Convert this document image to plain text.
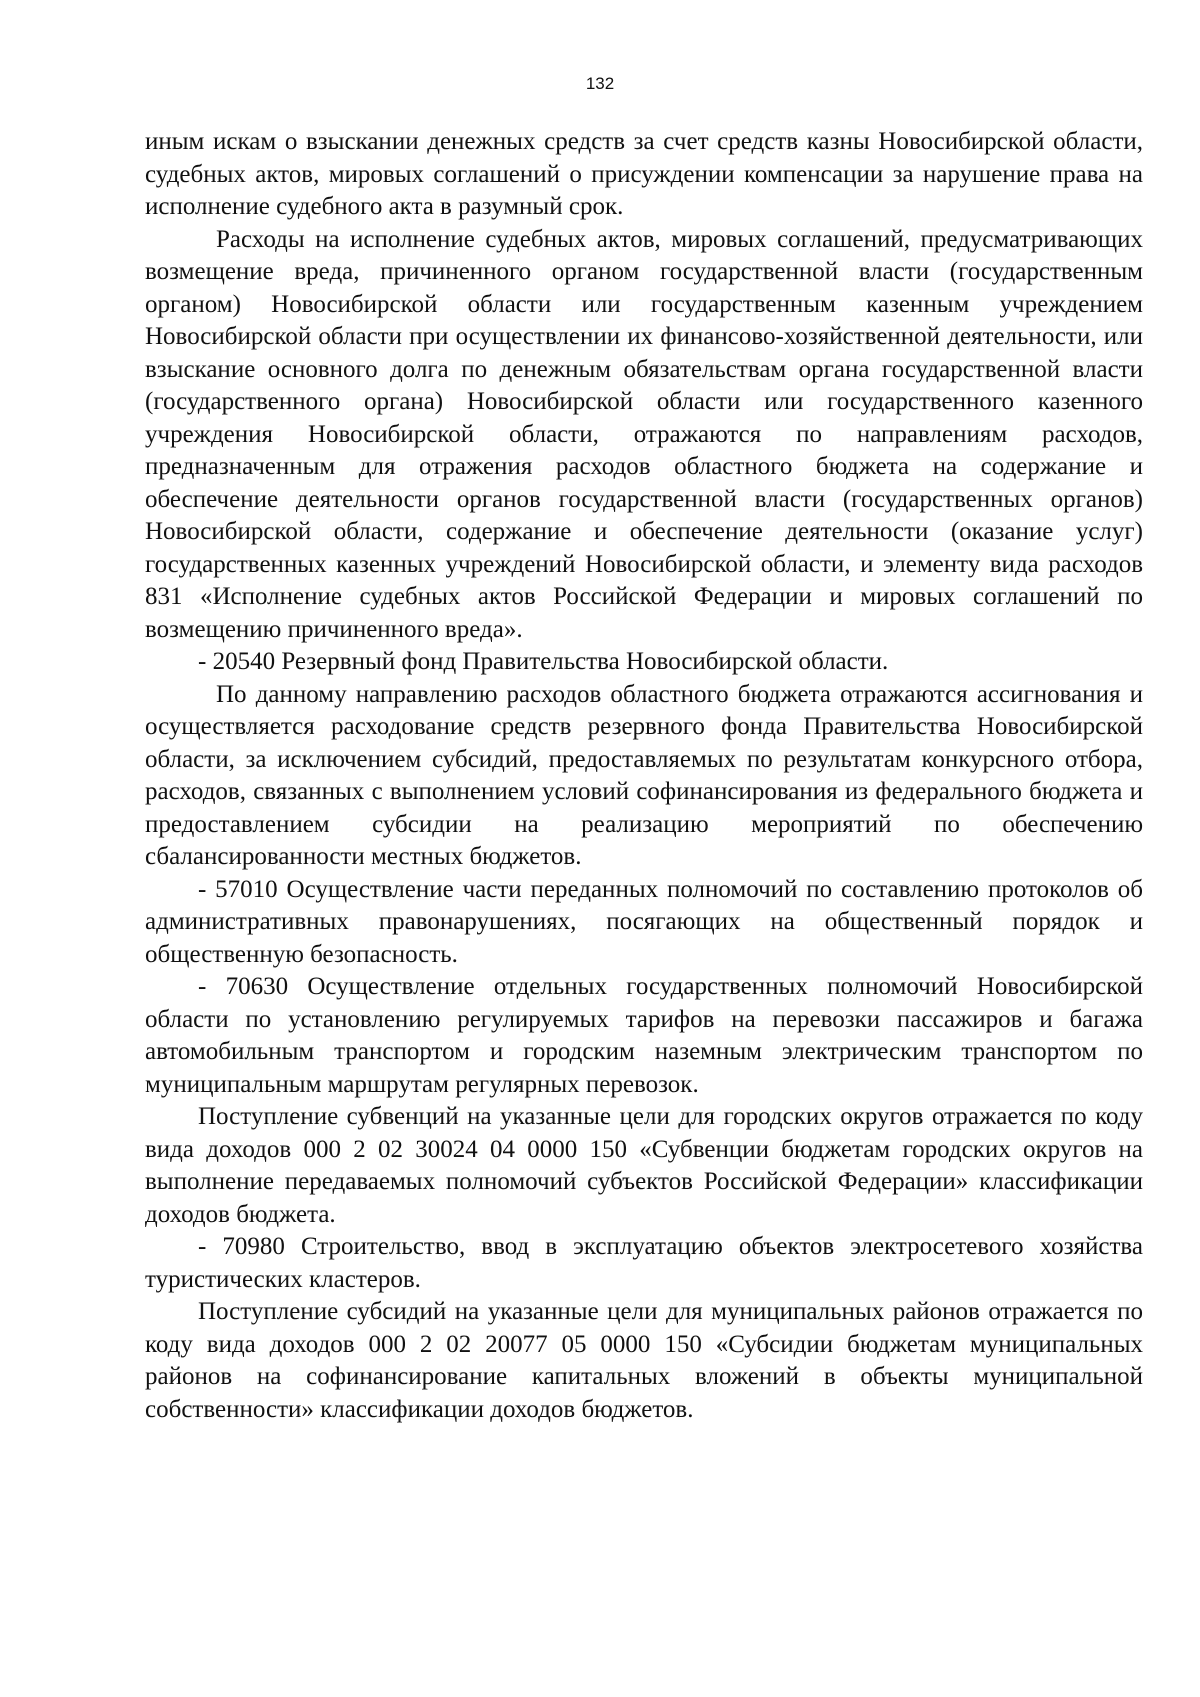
132

иным искам о взыскании денежных средств за счет средств казны Новосибирской области, судебных актов, мировых соглашений о присуждении компенсации за нарушение права на исполнение судебного акта в разумный срок.

Расходы на исполнение судебных актов, мировых соглашений, предусматривающих возмещение вреда, причиненного органом государственной власти (государственным органом) Новосибирской области или государственным казенным учреждением Новосибирской области при осуществлении их финансово-хозяйственной деятельности, или взыскание основного долга по денежным обязательствам органа государственной власти (государственного органа) Новосибирской области или государственного казенного учреждения Новосибирской области, отражаются по направлениям расходов, предназначенным для отражения расходов областного бюджета на содержание и обеспечение деятельности органов государственной власти (государственных органов) Новосибирской области, содержание и обеспечение деятельности (оказание услуг) государственных казенных учреждений Новосибирской области, и элементу вида расходов 831 «Исполнение судебных актов Российской Федерации и мировых соглашений по возмещению причиненного вреда».

- 20540 Резервный фонд Правительства Новосибирской области.

По данному направлению расходов областного бюджета отражаются ассигнования и осуществляется расходование средств резервного фонда Правительства Новосибирской области, за исключением субсидий, предоставляемых по результатам конкурсного отбора, расходов, связанных с выполнением условий софинансирования из федерального бюджета и предоставлением субсидии на реализацию мероприятий по обеспечению сбалансированности местных бюджетов.

- 57010 Осуществление части переданных полномочий по составлению протоколов об административных правонарушениях, посягающих на общественный порядок и общественную безопасность.

- 70630 Осуществление отдельных государственных полномочий Новосибирской области по установлению регулируемых тарифов на перевозки пассажиров и багажа автомобильным транспортом и городским наземным электрическим транспортом по муниципальным маршрутам регулярных перевозок.

Поступление субвенций на указанные цели для городских округов отражается по коду вида доходов 000 2 02 30024 04 0000 150 «Субвенции бюджетам городских округов на выполнение передаваемых полномочий субъектов Российской Федерации» классификации доходов бюджета.

- 70980 Строительство, ввод в эксплуатацию объектов электросетевого хозяйства туристических кластеров.

Поступление субсидий на указанные цели для муниципальных районов отражается по коду вида доходов 000 2 02 20077 05 0000 150 «Субсидии бюджетам муниципальных районов на софинансирование капитальных вложений в объекты муниципальной собственности» классификации доходов бюджетов.
